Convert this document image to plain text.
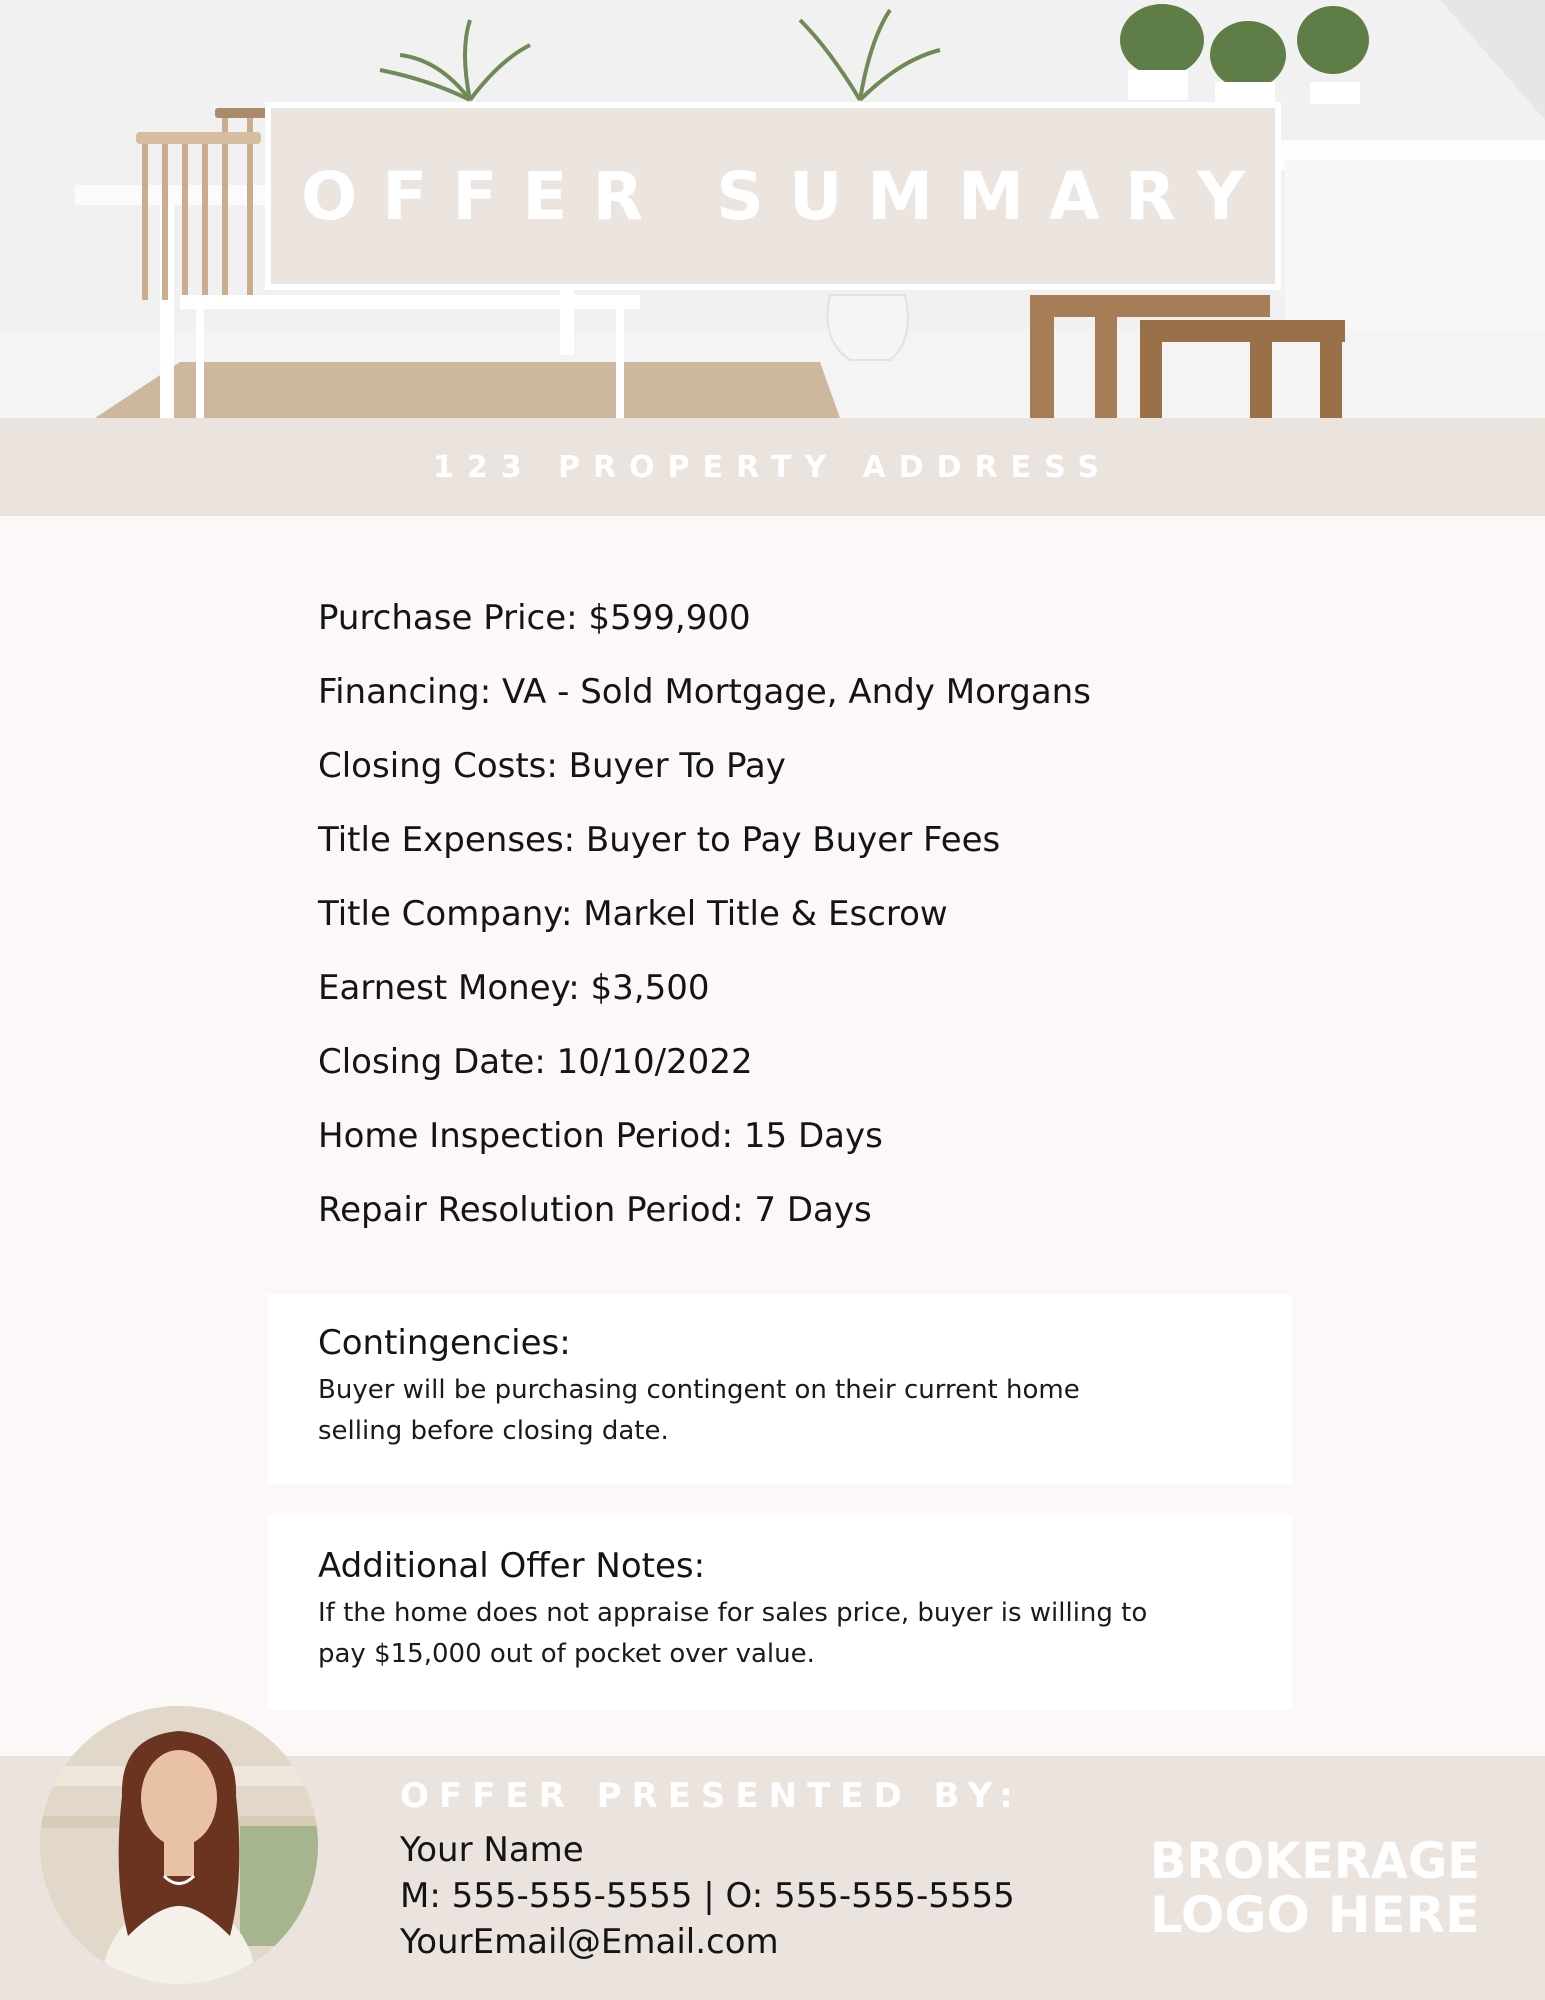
OFFER SUMMARY
123 PROPERTY ADDRESS
Purchase Price: $599,900
Financing: VA - Sold Mortgage, Andy Morgans
Closing Costs: Buyer To Pay
Title Expenses: Buyer to Pay Buyer Fees
Title Company: Markel Title & Escrow
Earnest Money: $3,500
Closing Date: 10/10/2022
Home Inspection Period: 15 Days
Repair Resolution Period: 7 Days

Contingencies:

Buyer will be purchasing contingent on their current home selling before closing date.

Additional Offer Notes:

If the home does not appraise for sales price, buyer is willing to pay $15,000 out of pocket over value.

OFFER PRESENTED BY:
Your Name
M: 555-555-5555 | O: 555-555-5555
YourEmail@Email.com
BROKERAGE
LOGO HERE
